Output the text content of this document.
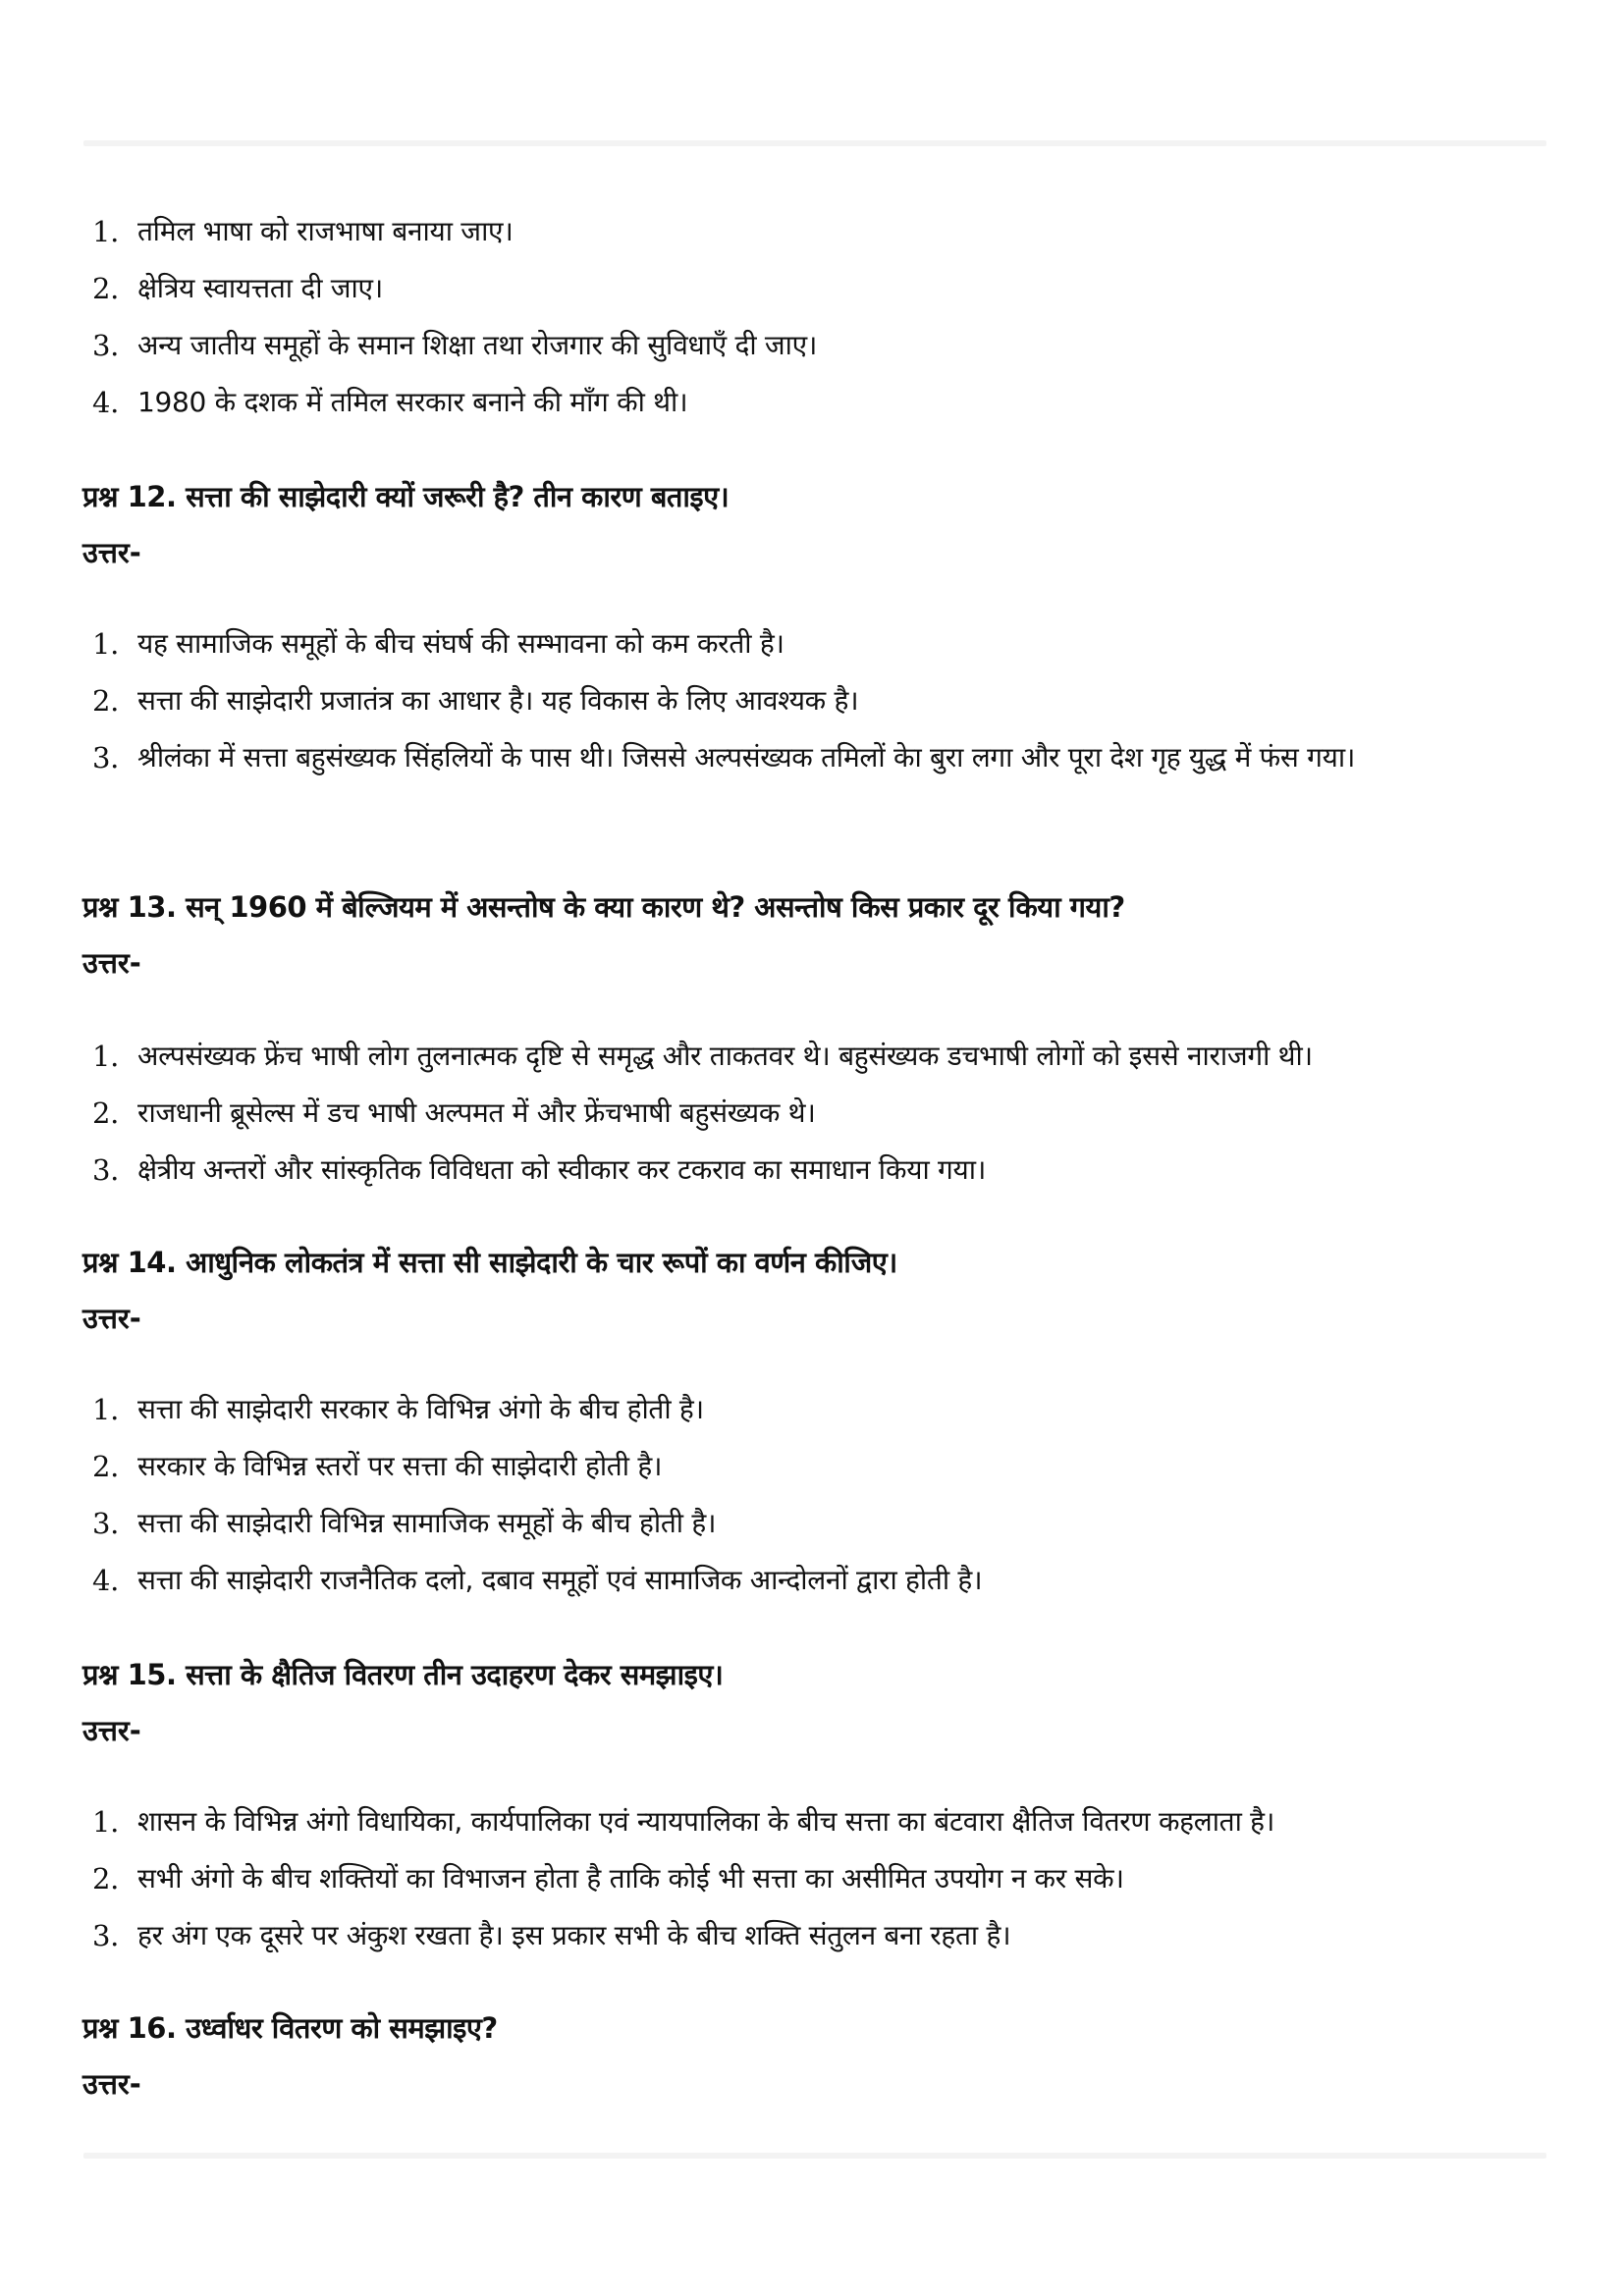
1. तमिल भाषा को राजभाषा बनाया जाए।
2. क्षेत्रिय स्वायत्तता दी जाए।
3. अन्य जातीय समूहों के समान शिक्षा तथा रोजगार की सुविधाएँ दी जाए।
4. 1980 के दशक में तमिल सरकार बनाने की माँग की थी।
प्रश्न 12. सत्ता की साझेदारी क्यों जरूरी है? तीन कारण बताइए।

उत्तर-

1. यह सामाजिक समूहों के बीच संघर्ष की सम्भावना को कम करती है।
2. सत्ता की साझेदारी प्रजातंत्र का आधार है। यह विकास के लिए आवश्यक है।
3. श्रीलंका में सत्ता बहुसंख्यक सिंहलियों के पास थी। जिससे अल्पसंख्यक तमिलों केा बुरा लगा और पूरा देश गृह युद्ध में फंस गया।
प्रश्न 13. सन् 1960 में बेल्जियम में असन्तोष के क्या कारण थे? असन्तोष किस प्रकार दूर किया गया?

उत्तर-

1. अल्पसंख्यक फ्रेंच भाषी लोग तुलनात्मक दृष्टि से समृद्ध और ताकतवर थे। बहुसंख्यक डचभाषी लोगों को इससे नाराजगी थी।
2. राजधानी ब्रूसेल्स में डच भाषी अल्पमत में और फ्रेंचभाषी बहुसंख्यक थे।
3. क्षेत्रीय अन्तरों और सांस्कृतिक विविधता को स्वीकार कर टकराव का समाधान किया गया।
प्रश्न 14. आधुनिक लोकतंत्र में सत्ता सी साझेदारी के चार रूपों का वर्णन कीजिए।

उत्तर-

1. सत्ता की साझेदारी सरकार के विभिन्न अंगो के बीच होती है।
2. सरकार के विभिन्न स्तरों पर सत्ता की साझेदारी होती है।
3. सत्ता की साझेदारी विभिन्न सामाजिक समूहों के बीच होती है।
4. सत्ता की साझेदारी राजनैतिक दलो, दबाव समूहों एवं सामाजिक आन्दोलनों द्वारा होती है।
प्रश्न 15. सत्ता के क्षैतिज वितरण तीन उदाहरण देकर समझाइए।

उत्तर-

1. शासन के विभिन्न अंगो विधायिका, कार्यपालिका एवं न्यायपालिका के बीच सत्ता का बंटवारा क्षैतिज वितरण कहलाता है।
2. सभी अंगो के बीच शक्तियों का विभाजन होता है ताकि कोई भी सत्ता का असीमित उपयोग न कर सके।
3. हर अंग एक दूसरे पर अंकुश रखता है। इस प्रकार सभी के बीच शक्ति संतुलन बना रहता है।
प्रश्न 16. उर्ध्वाधर वितरण को समझाइए?

उत्तर-
